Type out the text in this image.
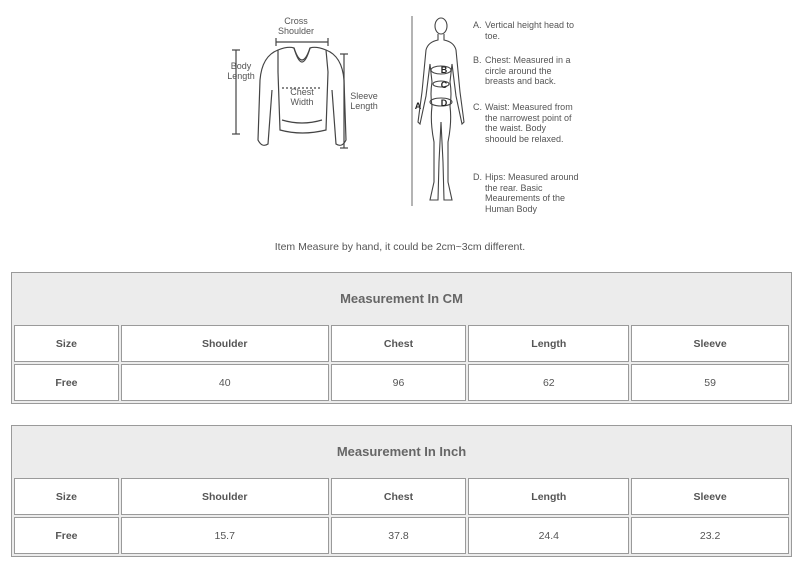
Cross
Shoulder
Body
Length
Chest
Width
Sleeve
Length	A
B
C
D
A. Vertical height head to toe.
B. Chest: Measured in a circle around the breasts and back.
C. Waist: Measured from the narrowest point of the waist. Body shoould be relaxed.
D. Hips: Measured around the rear. Basic Meaurements of the Human Body
Item Measure by hand, it could be 2cm~3cm different.
Measurement In CM
Size	Shoulder	Chest	Length	Sleeve
Free	40	96	62	59
Measurement In Inch
Size	Shoulder	Chest	Length	Sleeve
Free	15.7	37.8	24.4	23.2
